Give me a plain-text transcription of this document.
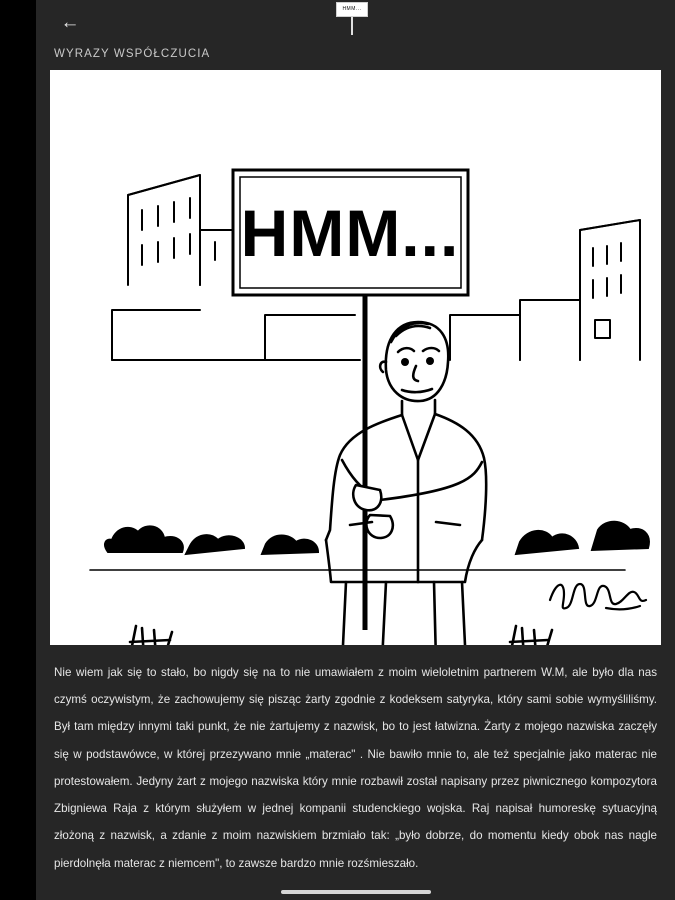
←
HMM...
WYRAZY WSPÓŁCZUCIA
HMM...

Nie wiem jak się to stało, bo nigdy się na to nie umawiałem z moim wieloletnim partnerem W.M, ale było dla nas czymś oczywistym, że zachowujemy się pisząc żarty zgodnie z kodeksem satyryka, który sami sobie wymyśliliśmy. Był tam między innymi taki punkt, że nie żartujemy z nazwisk, bo to jest łatwizna. Żarty z mojego nazwiska zaczęły się w podstawówce, w której przezywano mnie „materac" . Nie bawiło mnie to, ale też specjalnie jako materac nie protestowałem. Jedyny żart z mojego nazwiska który mnie rozbawił został napisany przez piwnicznego kompozytora Zbigniewa Raja z którym służyłem w jednej kompanii studenckiego wojska. Raj napisał humoreskę sytuacyjną złożoną z nazwisk, a zdanie z moim nazwiskiem brzmiało tak: „było dobrze, do momentu kiedy obok nas nagle pierdolnęła materac z niemcem", to zawsze bardzo mnie rozśmieszało.
